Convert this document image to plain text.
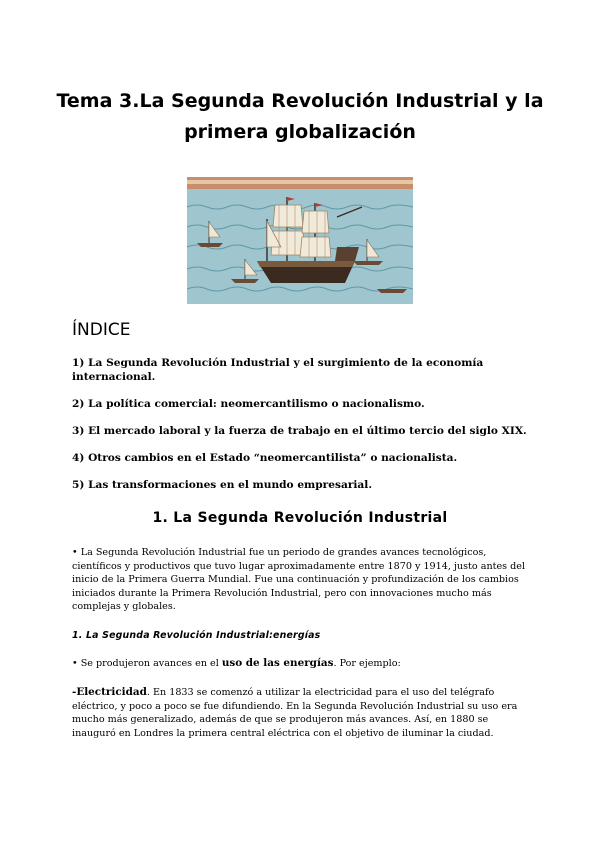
Tema 3.La Segunda Revolución Industrial y la primera globalización
ÍNDICE
1) La Segunda Revolución Industrial y el surgimiento de la economía internacional.
2) La política comercial: neomercantilismo o nacionalismo.
3) El mercado laboral y la fuerza de trabajo en el último tercio del siglo XIX.
4) Otros cambios en el Estado “neomercantilista” o nacionalista.
5) Las transformaciones en el mundo empresarial.
1. La Segunda Revolución Industrial

• La Segunda Revolución Industrial fue un periodo de grandes avances tecnológicos, científicos y productivos que tuvo lugar aproximadamente entre 1870 y 1914, justo antes del inicio de la Primera Guerra Mundial. Fue una continuación y profundización de los cambios iniciados durante la Primera Revolución Industrial, pero con innovaciones mucho más complejas y globales.

1. La Segunda Revolución Industrial:energías

• Se produjeron avances en el uso de las energías. Por ejemplo:

-Electricidad. En 1833 se comenzó a utilizar la electricidad para el uso del telégrafo eléctrico, y poco a poco se fue difundiendo. En la Segunda Revolución Industrial su uso era mucho más generalizado, además de que se produjeron más avances. Así, en 1880 se inauguró en Londres la primera central eléctrica con el objetivo de iluminar la ciudad.
